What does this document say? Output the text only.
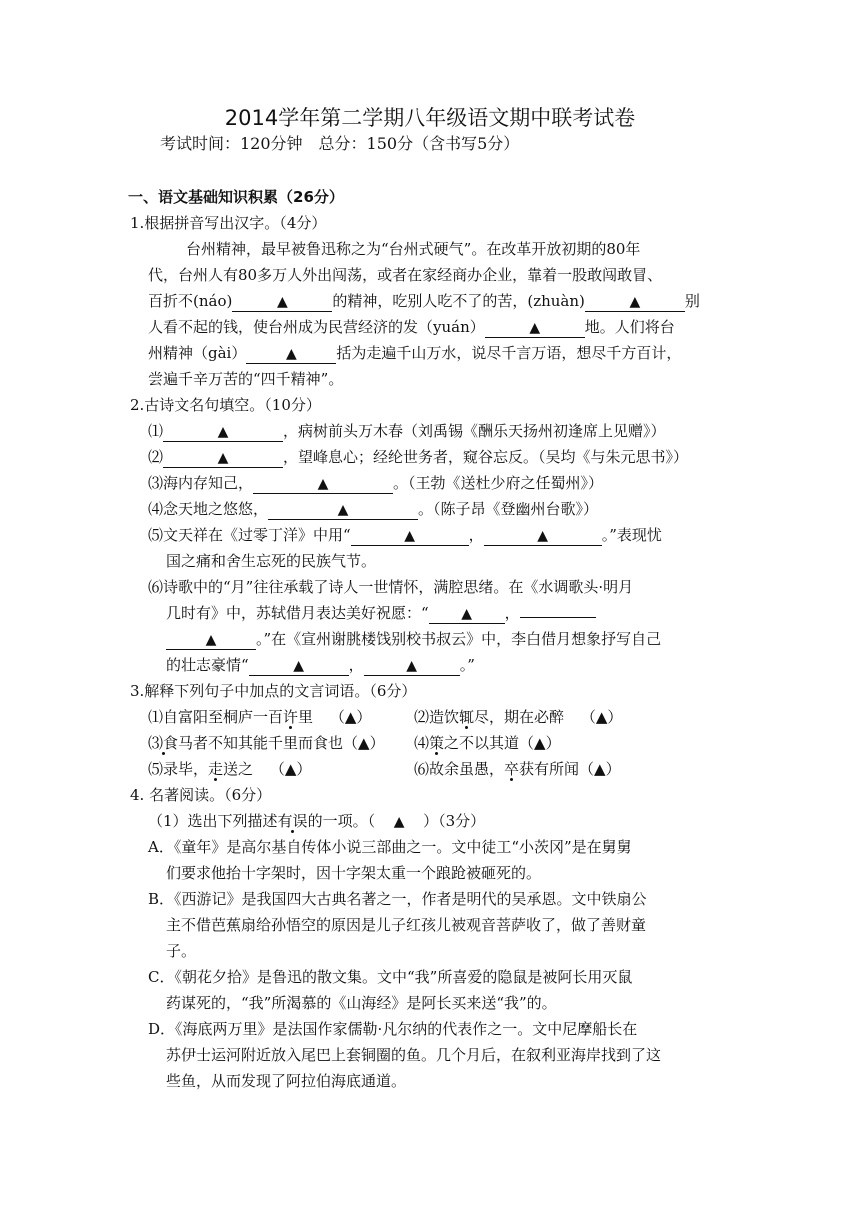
2014学年第二学期八年级语文期中联考试卷
考试时间：120分钟　总分：150分（含书写5分）
一、语文基础知识积累（26分）
1.根据拼音写出汉字。（4分）
台州精神，最早被鲁迅称之为“台州式硬气”。在改革开放初期的80年
代，台州人有80多万人外出闯荡，或者在家经商办企业，靠着一股敢闯敢冒、
百折不(náo)	▲	的精神，吃别人吃不了的苦，(zhuàn)	▲	别
人看不起的钱，使台州成为民营经济的发（yuán）	▲	地。人们将台
州精神（gài）	▲	括为走遍千山万水，说尽千言万语，想尽千方百计，
尝遍千辛万苦的“四千精神”。
2.古诗文名句填空。（10分）
⑴	▲	，病树前头万木春（刘禹锡《酬乐天扬州初逢席上见赠》）
⑵	▲	，望峰息心；经纶世务者，窥谷忘反。（吴均《与朱元思书》）
⑶海内存知己，	▲	。（王勃《送杜少府之任蜀州》）
⑷念天地之悠悠，	▲	。（陈子昂《登幽州台歌》）
⑸文天祥在《过零丁洋》中用“	▲	，	▲	。”表现忧
国之痛和舍生忘死的民族气节。
⑹诗歌中的“月”往往承载了诗人一世情怀，满腔思绪。在《水调歌头·明月
几时有》中，苏轼借月表达美好祝愿：“ ▲ ，
▲	。”在《宣州谢朓楼饯别校书叔云》中，李白借月想象抒写自己
的壮志豪情“	▲	，	▲	。”
3.解释下列句子中加点的文言词语。（6分）
⑴自富阳至桐庐一百许里 （▲）	⑵造饮辄尽，期在必醉 （▲）
⑶食马者不知其能千里而食也（▲） ⑷策之不以其道（▲）
⑸录毕，走送之 （▲）	⑹故余虽愚，卒获有所闻（▲）
4. 名著阅读。（6分）
（1）选出下列描述有误的一项。（ ▲ ）（3分）
A．《童年》是高尔基自传体小说三部曲之一。文中徒工“小茨冈”是在舅舅
们要求他抬十字架时，因十字架太重一个踉跄被砸死的。
B．《西游记》是我国四大古典名著之一，作者是明代的吴承恩。文中铁扇公
主不借芭蕉扇给孙悟空的原因是儿子红孩儿被观音菩萨收了，做了善财童
子。
C．《朝花夕拾》是鲁迅的散文集。文中“我”所喜爱的隐鼠是被阿长用灭鼠
药谋死的，“我”所渴慕的《山海经》是阿长买来送“我”的。
D．《海底两万里》是法国作家儒勒·凡尔纳的代表作之一。文中尼摩船长在
苏伊士运河附近放入尾巴上套铜圈的鱼。几个月后，在叙利亚海岸找到了这
些鱼，从而发现了阿拉伯海底通道。
